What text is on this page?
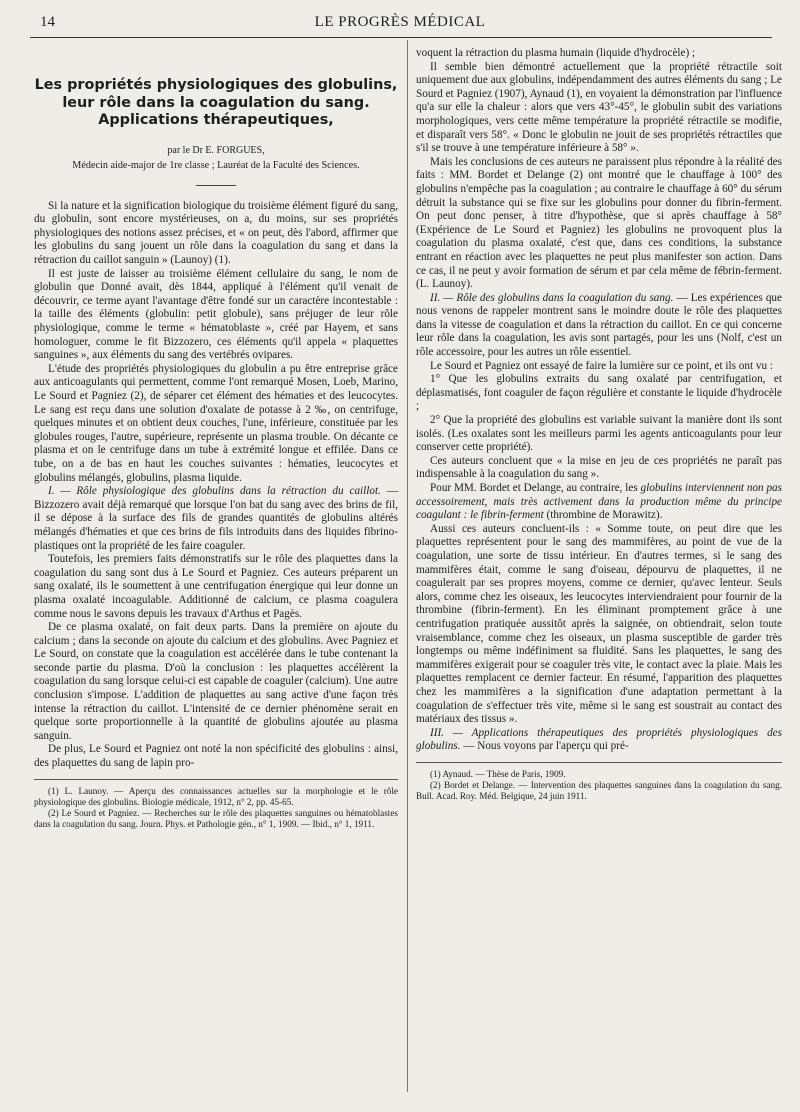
14	LE PROGRÈS MÉDICAL
Les propriétés physiologiques des globulins, leur rôle dans la coagulation du sang. Applications thérapeutiques,
par le Dr E. FORGUES,
Médecin aide-major de 1re classe ; Lauréat de la Faculté des Sciences.

Si la nature et la signification biologique du troisième élément figuré du sang, du globulin, sont encore mystérieuses, on a, du moins, sur ses propriétés physiologiques des notions assez précises, et « on peut, dès l'abord, affirmer que les globulins du sang jouent un rôle dans la coagulation du sang et dans la rétraction du caillot sanguin » (Launoy) (1).

Il est juste de laisser au troisième élément cellulaire du sang, le nom de globulin que Donné avait, dès 1844, appliqué à l'élément qu'il venait de découvrir, ce terme ayant l'avantage d'être fondé sur un caractère incontestable : la taille des éléments (globulin: petit globule), sans préjuger de leur rôle physiologique, comme le terme « hématoblaste », créé par Hayem, et sans homologuer, comme le fit Bizzozero, ces éléments qu'il appela « plaquettes sanguines », aux éléments du sang des vertébrés ovipares.

L'étude des propriétés physiologiques du globulin a pu être entreprise grâce aux anticoagulants qui permettent, comme l'ont remarqué Mosen, Loeb, Marino, Le Sourd et Pagniez (2), de séparer cet élément des hématies et des leucocytes. Le sang est reçu dans une solution d'oxalate de potasse à 2 ‰, on centrifuge, quelques minutes et on obtient deux couches, l'une, inférieure, constituée par les globules rouges, l'autre, supérieure, représente un plasma trouble. On décante ce plasma et on le centrifuge dans un tube à extrémité longue et effilée. Dans ce tube, on a de bas en haut les couches suivantes : hématies, leucocytes et globulins mélangés, globulins, plasma liquide.

I. — Rôle physiologique des globulins dans la rétraction du caillot. — Bizzozero avait déjà remarqué que lorsque l'on bat du sang avec des brins de fil, il se dépose à la surface des fils de grandes quantités de globulins altérés mélangés d'hématies et que ces brins de fils introduits dans des liquides fibrino-plastiques ont la propriété de les faire coaguler.

Toutefois, les premiers faits démonstratifs sur le rôle des plaquettes dans la coagulation du sang sont dus à Le Sourd et Pagniez. Ces auteurs préparent un sang oxalaté, ils le soumettent à une centrifugation énergique qui leur donne un plasma oxalaté incoagulable. Additionné de calcium, ce plasma coagulera comme nous le savons depuis les travaux d'Arthus et Pagès.

De ce plasma oxalaté, on fait deux parts. Dans la première on ajoute du calcium ; dans la seconde on ajoute du calcium et des globulins. Avec Pagniez et Le Sourd, on constate que la coagulation est accélérée dans le tube contenant la seconde partie du plasma. D'où la conclusion : les plaquettes accélèrent la coagulation du sang lorsque celui-ci est capable de coaguler (calcium). Une autre conclusion s'impose. L'addition de plaquettes au sang active d'une façon très intense la rétraction du caillot. L'intensité de ce dernier phénomène serait en quelque sorte proportionnelle à la quantité de globulins ajoutée au plasma sanguin.

De plus, Le Sourd et Pagniez ont noté la non spécificité des globulins : ainsi, des plaquettes du sang de lapin pro-

(1) L. Launoy. — Aperçu des connaissances actuelles sur la morphologie et le rôle physiologique des globulins. Biologie médicale, 1912, n° 2, pp. 45-65.

(2) Le Sourd et Pagniez. — Recherches sur le rôle des plaquettes sanguines ou hématoblastes dans la coagulation du sang. Journ. Phys. et Pathologie gén., n° 1, 1909. — Ibid., n° 1, 1911.

voquent la rétraction du plasma humain (liquide d'hydrocèle) ;

Il semble bien démontré actuellement que la propriété rétractile soit uniquement due aux globulins, indépendamment des autres éléments du sang ; Le Sourd et Pagniez (1907), Aynaud (1), en voyaient la démonstration par l'influence qu'a sur elle la chaleur : alors que vers 43°-45°, le globulin subit des variations morphologiques, vers cette même température la propriété rétractile se modifie, et disparaît vers 58°. « Donc le globulin ne jouit de ses propriétés rétractiles que s'il se trouve à une température inférieure à 58° ».

Mais les conclusions de ces auteurs ne paraissent plus répondre à la réalité des faits : MM. Bordet et Delange (2) ont montré que le chauffage à 100° des globulins n'empêche pas la coagulation ; au contraire le chauffage à 60° du sérum détruit la substance qui se fixe sur les globulins pour donner du fibrin-ferment. On peut donc penser, à titre d'hypothèse, que si après chauffage à 58° (Expérience de Le Sourd et Pagniez) les globulins ne provoquent plus la coagulation du plasma oxalaté, c'est que, dans ces conditions, la substance entrant en réaction avec les plaquettes ne peut plus manifester son action. Dans ce cas, il ne peut y avoir formation de sérum et par cela même de fébrin-ferment. (L. Launoy).

II. — Rôle des globulins dans la coagulation du sang. — Les expériences que nous venons de rappeler montrent sans le moindre doute le rôle des plaquettes dans la vitesse de coagulation et dans la rétraction du caillot. En ce qui concerne leur rôle dans la coagulation, les avis sont partagés, pour les uns (Nolf, c'est un rôle accessoire, pour les autres un rôle essentiel.

Le Sourd et Pagniez ont essayé de faire la lumière sur ce point, et ils ont vu :

1° Que les globulins extraits du sang oxalaté par centrifugation, et déplasmatisés, font coaguler de façon régulière et constante le liquide d'hydrocèle ;

2° Que la propriété des globulins est variable suivant la manière dont ils sont isolés. (Les oxalates sont les meilleurs parmi les agents anticoagulants pour leur conserver cette propriété).

Ces auteurs concluent que « la mise en jeu de ces propriétés ne paraît pas indispensable à la coagulation du sang ».

Pour MM. Bordet et Delange, au contraire, les globulins interviennent non pas accessoirement, mais très activement dans la production même du principe coagulant : le fibrin-ferment (thrombine de Morawitz).

Aussi ces auteurs concluent-ils : « Somme toute, on peut dire que les plaquettes représentent pour le sang des mammifères, au point de vue de la coagulation, une sorte de tissu intérieur. En d'autres termes, si le sang des mammifères était, comme le sang d'oiseau, dépourvu de plaquettes, il ne coagulerait par ses propres moyens, comme ce dernier, qu'avec lenteur. Seuls alors, comme chez les oiseaux, les leucocytes interviendraient pour fournir de la thrombine (fibrin-ferment). En les éliminant promptement grâce à une centrifugation pratiquée aussitôt après la saignée, on obtiendrait, selon toute vraisemblance, comme chez les oiseaux, un plasma susceptible de garder très longtemps ou même indéfiniment sa fluidité. Sans les plaquettes, le sang des mammifères exigerait pour se coaguler très vite, le contact avec la plaie. Mais les plaquettes remplacent ce dernier facteur. En résumé, l'apparition des plaquettes chez les mammifères a la signification d'une adaptation permettant à la coagulation de s'effectuer très vite, même si le sang est soustrait au contact des matériaux des tissus ».

III. — Applications thérapeutiques des propriétés physiologiques des globulins. — Nous voyons par l'aperçu qui pré-

(1) Aynaud. — Thèse de Paris, 1909.

(2) Bordet et Delange. — Intervention des plaquettes sanguines dans la coagulation du sang. Bull. Acad. Roy. Méd. Belgique, 24 juin 1911.
